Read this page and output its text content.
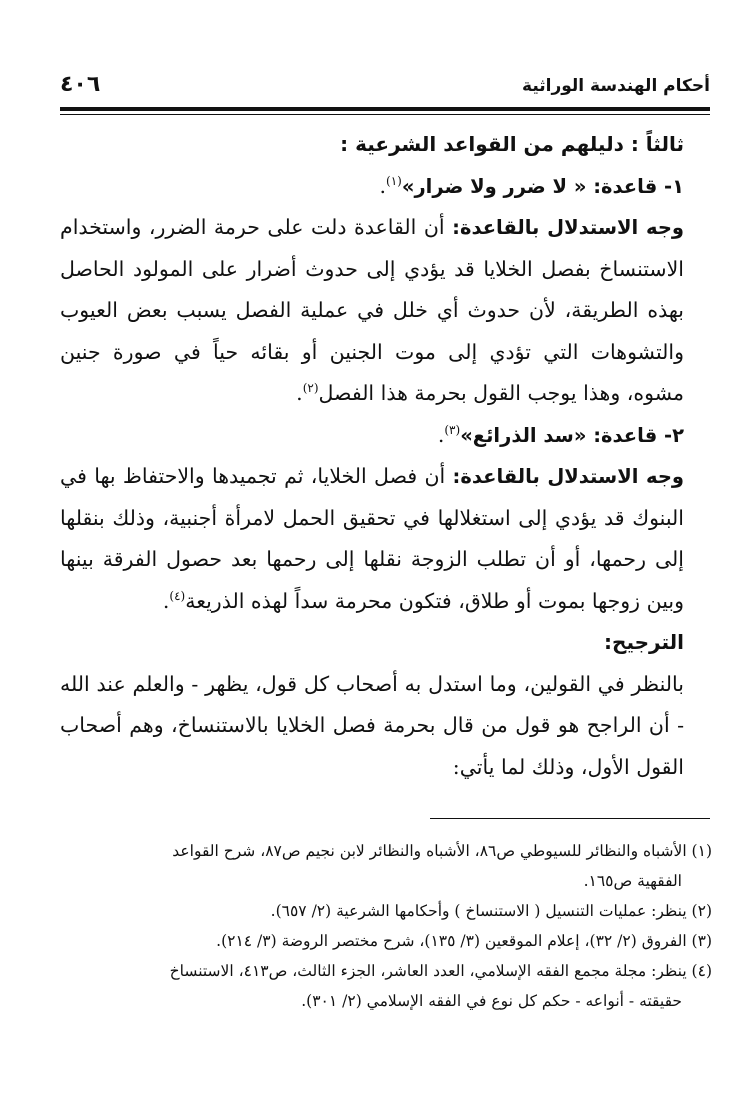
أحكام الهندسة الوراثية
٤٠٦

ثالثاً : دليلهم من القواعد الشرعية :

١- قاعدة: « لا ضرر ولا ضرار»$^{(١)}$.

وجه الاستدلال بالقاعدة: أن القاعدة دلت على حرمة الضرر، واستخدام الاستنساخ بفصل الخلايا قد يؤدي إلى حدوث أضرار على المولود الحاصل بهذه الطريقة، لأن حدوث أي خلل في عملية الفصل يسبب بعض العيوب والتشوهات التي تؤدي إلى موت الجنين أو بقائه حياً في صورة جنين مشوه، وهذا يوجب القول بحرمة هذا الفصل$^{(٢)}$.

٢- قاعدة: «سد الذرائع»$^{(٣)}$.

وجه الاستدلال بالقاعدة: أن فصل الخلايا، ثم تجميدها والاحتفاظ بها في البنوك قد يؤدي إلى استغلالها في تحقيق الحمل لامرأة أجنبية، وذلك بنقلها إلى رحمها، أو أن تطلب الزوجة نقلها إلى رحمها بعد حصول الفرقة بينها وبين زوجها بموت أو طلاق، فتكون محرمة سداً لهذه الذريعة$^{(٤)}$.

الترجيح:

بالنظر في القولين، وما استدل به أصحاب كل قول، يظهر - والعلم عند الله - أن الراجح هو قول من قال بحرمة فصل الخلايا بالاستنساخ، وهم أصحاب القول الأول، وذلك لما يأتي:

(١) الأشباه والنظائر للسيوطي ص٨٦، الأشباه والنظائر لابن نجيم ص٨٧، شرح القواعد

الفقهية ص١٦٥.

(٢) ينظر: عمليات التنسيل ( الاستنساخ ) وأحكامها الشرعية (٢/ ٦٥٧).

(٣) الفروق (٢/ ٣٢)، إعلام الموقعين (٣/ ١٣٥)، شرح مختصر الروضة (٣/ ٢١٤).

(٤) ينظر: مجلة مجمع الفقه الإسلامي، العدد العاشر، الجزء الثالث، ص٤١٣، الاستنساخ

حقيقته - أنواعه - حكم كل نوع في الفقه الإسلامي (٢/ ٣٠١).
